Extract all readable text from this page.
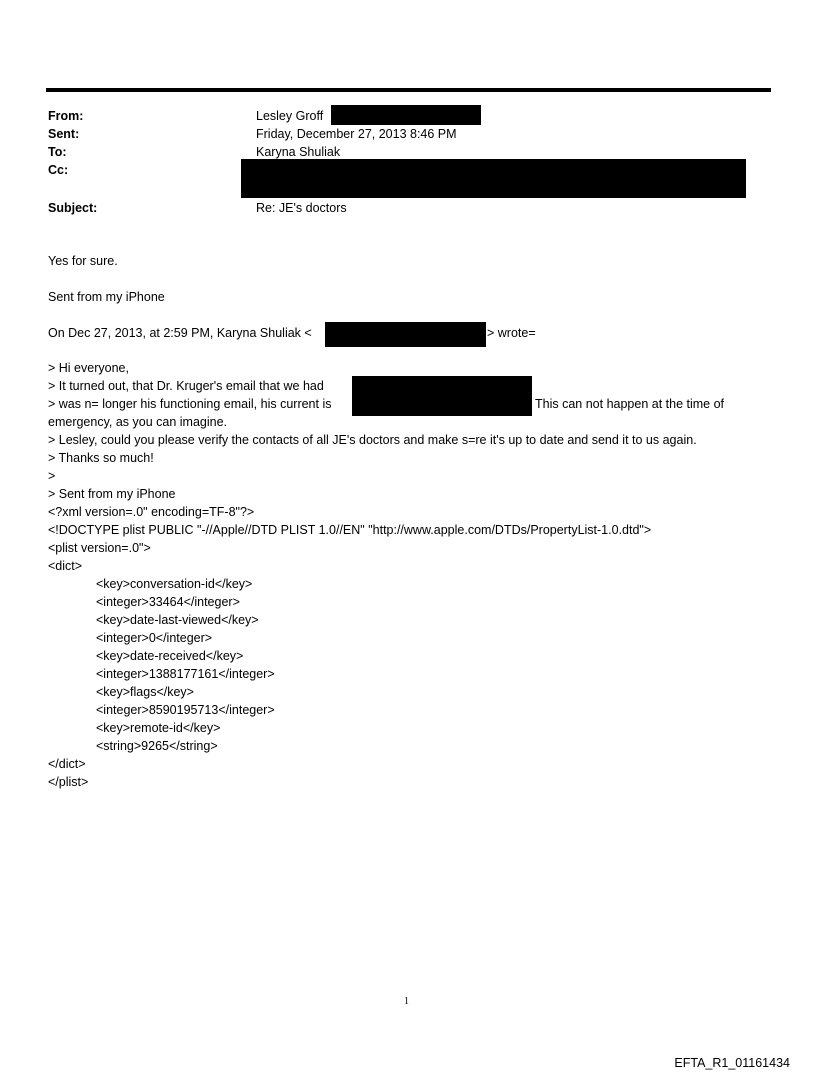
From:	Lesley Groff
Sent:	Friday, December 27, 2013 8:46 PM
To:	Karyna Shuliak
Cc:
Subject:	Re: JE's doctors
Yes for sure.
Sent from my iPhone
On Dec 27, 2013, at 2:59 PM, Karyna Shuliak <	> wrote=
> Hi everyone,
> It turned out, that Dr. Kruger's email that we had
> was n= longer his functioning email, his current is	This can not happen at the time of
emergency, as you can imagine.
> Lesley, could you please verify the contacts of all JE's doctors and make s=re it's up to date and send it to us again.
> Thanks so much!
>
> Sent from my iPhone
<?xml version=.0" encoding=TF-8"?>
<!DOCTYPE plist PUBLIC "-//Apple//DTD PLIST 1.0//EN" "http://www.apple.com/DTDs/PropertyList-1.0.dtd">
<plist version=.0">
<dict>
<key>conversation-id</key>
<integer>33464</integer>
<key>date-last-viewed</key>
<integer>0</integer>
<key>date-received</key>
<integer>1388177161</integer>
<key>flags</key>
<integer>8590195713</integer>
<key>remote-id</key>
<string>9265</string>
</dict>
</plist>
1
EFTA_R1_01161434
